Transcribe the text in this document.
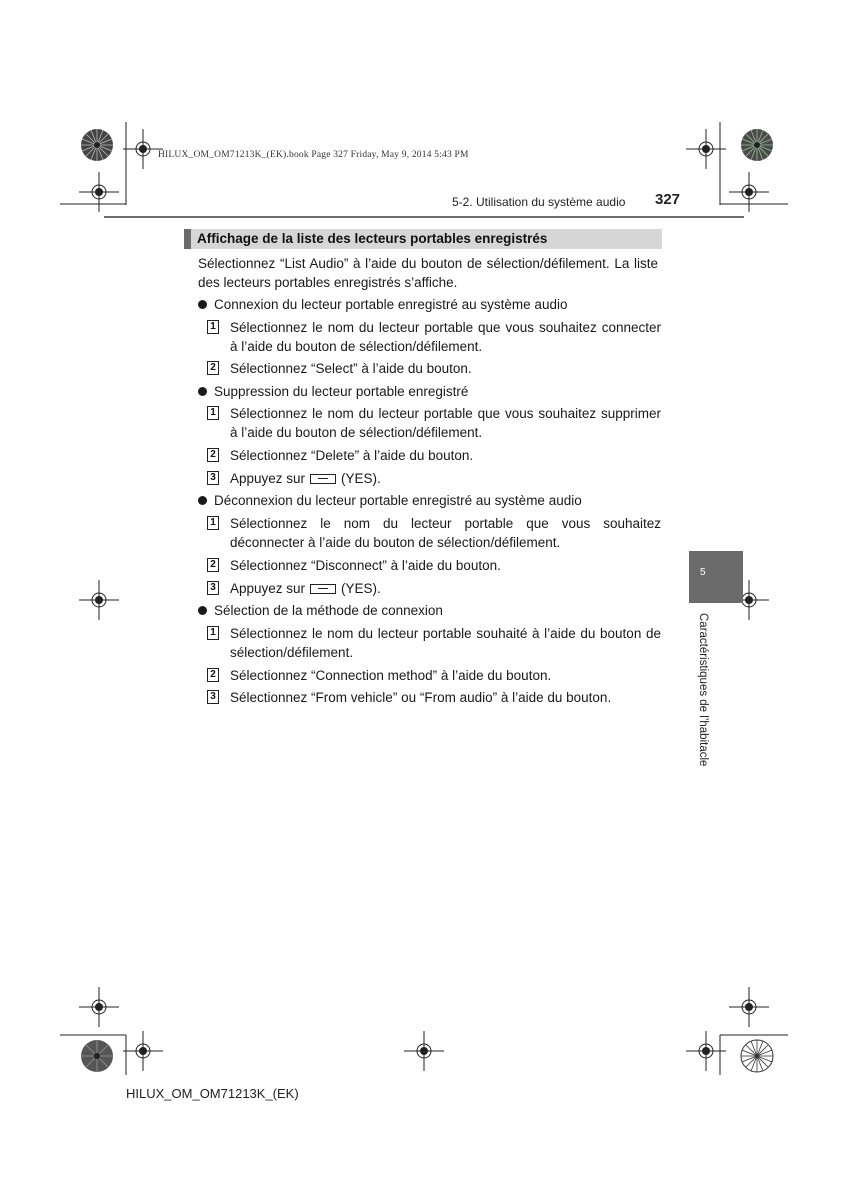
HILUX_OM_OM71213K_(EK).book Page 327 Friday, May 9, 2014 5:43 PM
5-2. Utilisation du système audio 327
Affichage de la liste des lecteurs portables enregistrés
Sélectionnez “List Audio” à l’aide du bouton de sélection/défilement. La liste des lecteurs portables enregistrés s’affiche.
Connexion du lecteur portable enregistré au système audio
1 Sélectionnez le nom du lecteur portable que vous souhaitez connecter à l’aide du bouton de sélection/défilement.
2 Sélectionnez “Select” à l’aide du bouton.
Suppression du lecteur portable enregistré
1 Sélectionnez le nom du lecteur portable que vous souhaitez supprimer à l’aide du bouton de sélection/défilement.
2 Sélectionnez “Delete” à l’aide du bouton.
3 Appuyez sur	(YES).
Déconnexion du lecteur portable enregistré au système audio
1 Sélectionnez le nom du lecteur portable que vous souhaitez déconnecter à l’aide du bouton de sélection/défilement.
2 Sélectionnez “Disconnect” à l’aide du bouton.
3 Appuyez sur	(YES).
Sélection de la méthode de connexion
1 Sélectionnez le nom du lecteur portable souhaité à l’aide du bouton de sélection/défilement.
2 Sélectionnez “Connection method” à l’aide du bouton.
3 Sélectionnez “From vehicle” ou “From audio” à l’aide du bouton.
5
Caractéristiques de l’habitacle
HILUX_OM_OM71213K_(EK)
